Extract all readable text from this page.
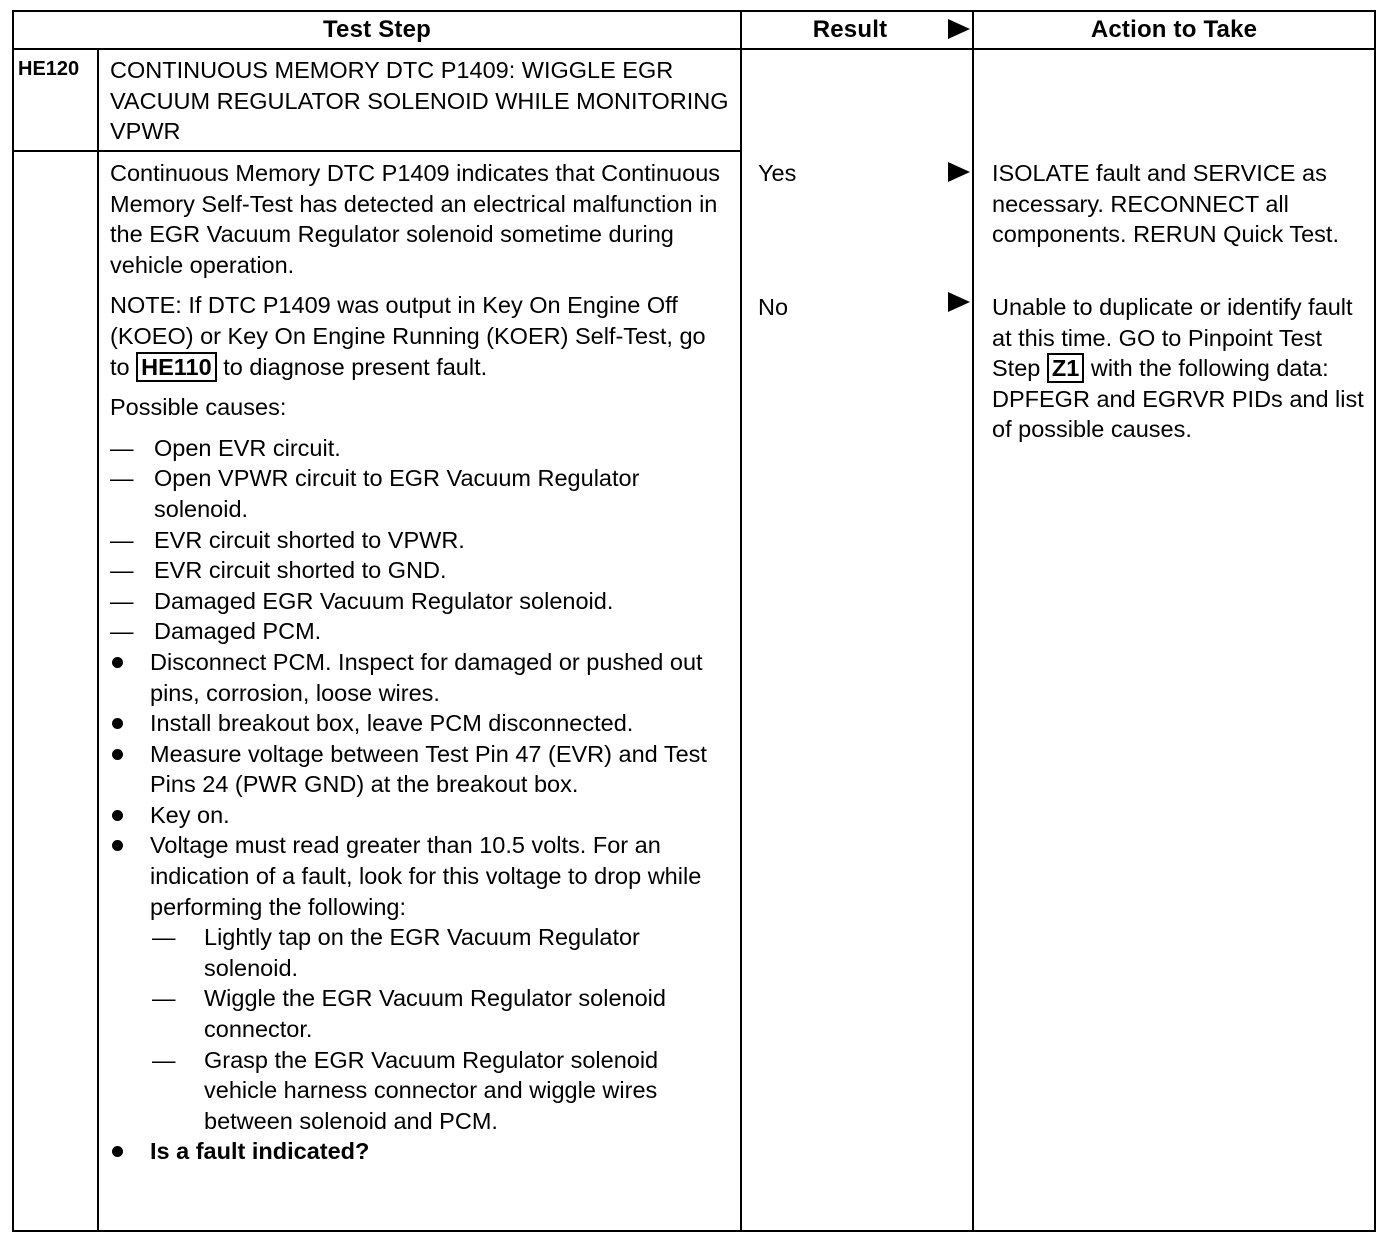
Test Step	Result	Action to Take
HE120 CONTINUOUS MEMORY DTC P1409: WIGGLE EGR VACUUM REGULATOR SOLENOID WHILE MONITORING VPWR
Continuous Memory DTC P1409 indicates that Continuous Memory Self-Test has detected an electrical malfunction in the EGR Vacuum Regulator solenoid sometime during vehicle operation.
NOTE: If DTC P1409 was output in Key On Engine Off (KOEO) or Key On Engine Running (KOER) Self-Test, go to HE110 to diagnose present fault.
Possible causes:
— Open EVR circuit.
— Open VPWR circuit to EGR Vacuum Regulator solenoid.
— EVR circuit shorted to VPWR.
— EVR circuit shorted to GND.
— Damaged EGR Vacuum Regulator solenoid.
— Damaged PCM.
Disconnect PCM. Inspect for damaged or pushed out pins, corrosion, loose wires.
Install breakout box, leave PCM disconnected.
Measure voltage between Test Pin 47 (EVR) and Test Pins 24 (PWR GND) at the breakout box.
Key on.
Voltage must read greater than 10.5 volts. For an indication of a fault, look for this voltage to drop while performing the following:
— Lightly tap on the EGR Vacuum Regulator solenoid.
— Wiggle the EGR Vacuum Regulator solenoid connector.
— Grasp the EGR Vacuum Regulator solenoid vehicle harness connector and wiggle wires between solenoid and PCM.
Is a fault indicated?
Yes
No
ISOLATE fault and SERVICE as necessary. RECONNECT all components. RERUN Quick Test.
Unable to duplicate or identify fault at this time. GO to Pinpoint Test Step Z1 with the following data: DPFEGR and EGRVR PIDs and list of possible causes.
